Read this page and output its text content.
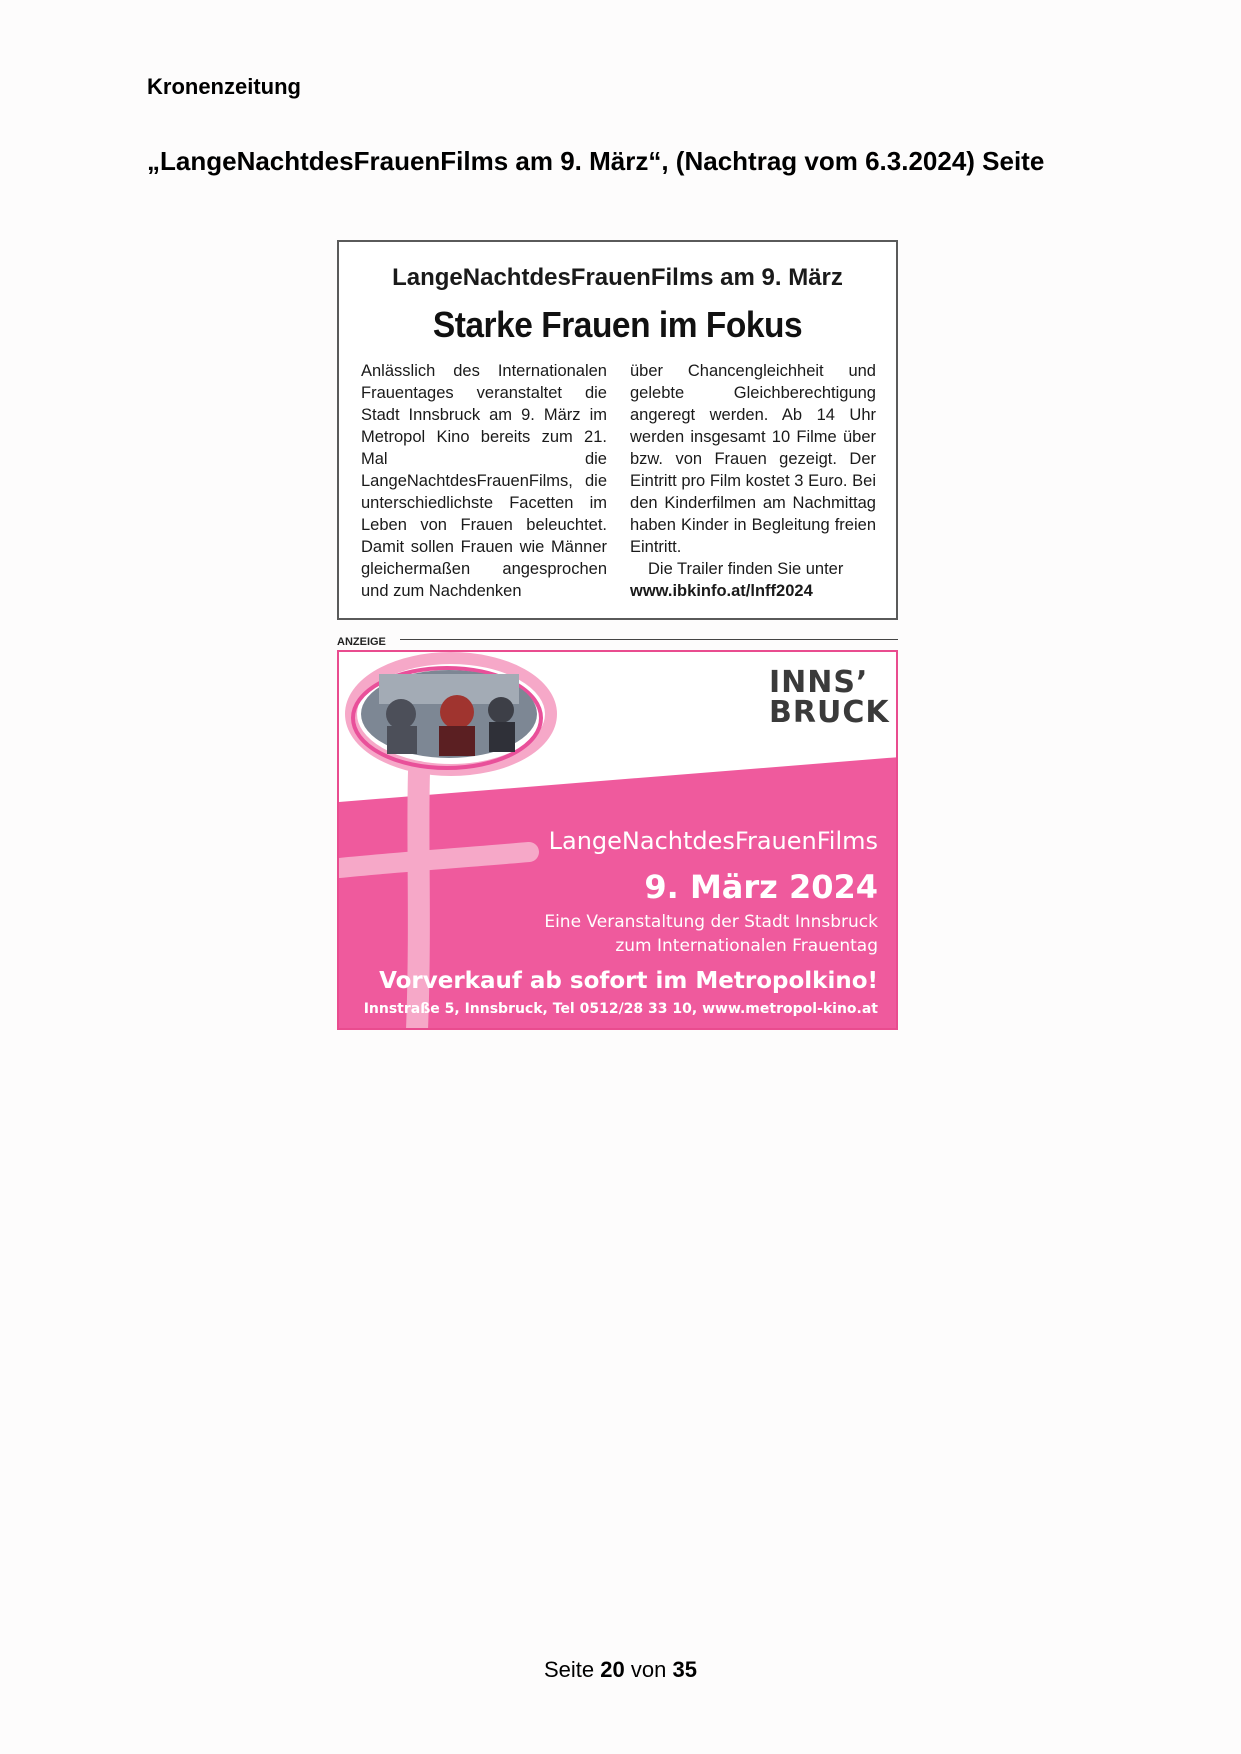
Kronenzeitung
„LangeNachtdesFrauenFilms am 9. März“, (Nachtrag vom 6.3.2024) Seite
LangeNachtdesFrauenFilms am 9. März
Starke Frauen im Fokus
Anlässlich des Internationalen Frauentages veranstaltet die Stadt Innsbruck am 9. März im Metropol Kino bereits zum 21. Mal die LangeNachtdesFrauenFilms, die unterschiedlichste Facetten im Leben von Frauen beleuchtet. Damit sollen Frauen wie Männer gleichermaßen angesprochen und zum Nachdenken
über Chancengleichheit und gelebte Gleichberechtigung angeregt werden. Ab 14 Uhr werden insgesamt 10 Filme über bzw. von Frauen gezeigt. Der Eintritt pro Film kostet 3 Euro. Bei den Kinderfilmen am Nachmittag haben Kinder in Begleitung freien Eintritt.
Die Trailer finden Sie unter
www.ibkinfo.at/lnff2024
ANZEIGE
INNS’
BRUCK
LangeNachtdesFrauenFilms
9. März 2024
Eine Veranstaltung der Stadt Innsbruck
zum Internationalen Frauentag
Vorverkauf ab sofort im Metropolkino!
Innstraße 5, Innsbruck, Tel 0512/28 33 10, www.metropol-kino.at
Seite 20 von 35
